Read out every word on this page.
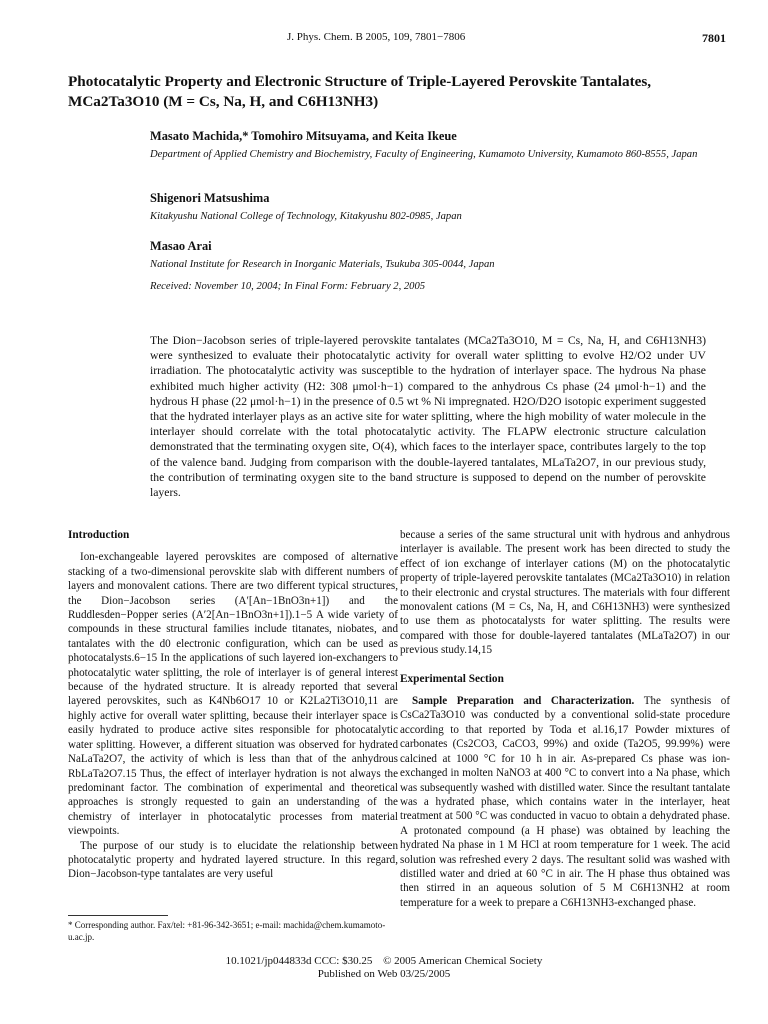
J. Phys. Chem. B 2005, 109, 7801−7806	7801
Photocatalytic Property and Electronic Structure of Triple-Layered Perovskite Tantalates, MCa2Ta3O10 (M = Cs, Na, H, and C6H13NH3)
Masato Machida,* Tomohiro Mitsuyama, and Keita Ikeue
Department of Applied Chemistry and Biochemistry, Faculty of Engineering, Kumamoto University, Kumamoto 860-8555, Japan
Shigenori Matsushima
Kitakyushu National College of Technology, Kitakyushu 802-0985, Japan
Masao Arai
National Institute for Research in Inorganic Materials, Tsukuba 305-0044, Japan
Received: November 10, 2004; In Final Form: February 2, 2005
The Dion−Jacobson series of triple-layered perovskite tantalates (MCa2Ta3O10, M = Cs, Na, H, and C6H13NH3) were synthesized to evaluate their photocatalytic activity for overall water splitting to evolve H2/O2 under UV irradiation. The photocatalytic activity was susceptible to the hydration of interlayer space. The hydrous Na phase exhibited much higher activity (H2: 308 μmol·h−1) compared to the anhydrous Cs phase (24 μmol·h−1) and the hydrous H phase (22 μmol·h−1) in the presence of 0.5 wt % Ni impregnated. H2O/D2O isotopic experiment suggested that the hydrated interlayer plays as an active site for water splitting, where the high mobility of water molecule in the interlayer should correlate with the total photocatalytic activity. The FLAPW electronic structure calculation demonstrated that the terminating oxygen site, O(4), which faces to the interlayer space, contributes largely to the top of the valence band. Judging from comparison with the double-layered tantalates, MLaTa2O7, in our previous study, the contribution of terminating oxygen site to the band structure is supposed to depend on the number of perovskite layers.
Introduction

Ion-exchangeable layered perovskites are composed of alternative stacking of a two-dimensional perovskite slab with different numbers of layers and monovalent cations. There are two different typical structures, the Dion−Jacobson series (A′[An−1BnO3n+1]) and the Ruddlesden−Popper series (A′2[An−1BnO3n+1]).1−5 A wide variety of compounds in these structural families include titanates, niobates, and tantalates with the d0 electronic configuration, which can be used as photocatalysts.6−15 In the applications of such layered ion-exchangers to photocatalytic water splitting, the role of interlayer is of general interest because of the hydrated structure. It is already reported that several layered perovskites, such as K4Nb6O17 10 or K2La2Ti3O10,11 are highly active for overall water splitting, because their interlayer space is easily hydrated to produce active sites responsible for photocatalytic water splitting. However, a different situation was observed for hydrated NaLaTa2O7, the activity of which is less than that of the anhydrous RbLaTa2O7.15 Thus, the effect of interlayer hydration is not always the predominant factor. The combination of experimental and theoretical approaches is strongly requested to gain an understanding of the chemistry of interlayer in photocatalytic processes from material viewpoints.

The purpose of our study is to elucidate the relationship between photocatalytic property and hydrated layered structure. In this regard, Dion−Jacobson-type tantalates are very useful

because a series of the same structural unit with hydrous and anhydrous interlayer is available. The present work has been directed to study the effect of ion exchange of interlayer cations (M) on the photocatalytic property of triple-layered perovskite tantalates (MCa2Ta3O10) in relation to their electronic and crystal structures. The materials with four different monovalent cations (M = Cs, Na, H, and C6H13NH3) were synthesized to use them as photocatalysts for water splitting. The results were compared with those for double-layered tantalates (MLaTa2O7) in our previous study.14,15

Experimental Section

Sample Preparation and Characterization. The synthesis of CsCa2Ta3O10 was conducted by a conventional solid-state procedure according to that reported by Toda et al.16,17 Powder mixtures of carbonates (Cs2CO3, CaCO3, 99%) and oxide (Ta2O5, 99.99%) were calcined at 1000 °C for 10 h in air. As-prepared Cs phase was ion-exchanged in molten NaNO3 at 400 °C to convert into a Na phase, which was subsequently washed with distilled water. Since the resultant tantalate was a hydrated phase, which contains water in the interlayer, heat treatment at 500 °C was conducted in vacuo to obtain a dehydrated phase. A protonated compound (a H phase) was obtained by leaching the hydrated Na phase in 1 M HCl at room temperature for 1 week. The acid solution was refreshed every 2 days. The resultant solid was washed with distilled water and dried at 60 °C in air. The H phase thus obtained was then stirred in an aqueous solution of 5 M C6H13NH2 at room temperature for a week to prepare a C6H13NH3-exchanged phase.

* Corresponding author. Fax/tel: +81-96-342-3651; e-mail: machida@chem.kumamoto-u.ac.jp.
10.1021/jp044833d CCC: $30.25 © 2005 American Chemical Society
Published on Web 03/25/2005
